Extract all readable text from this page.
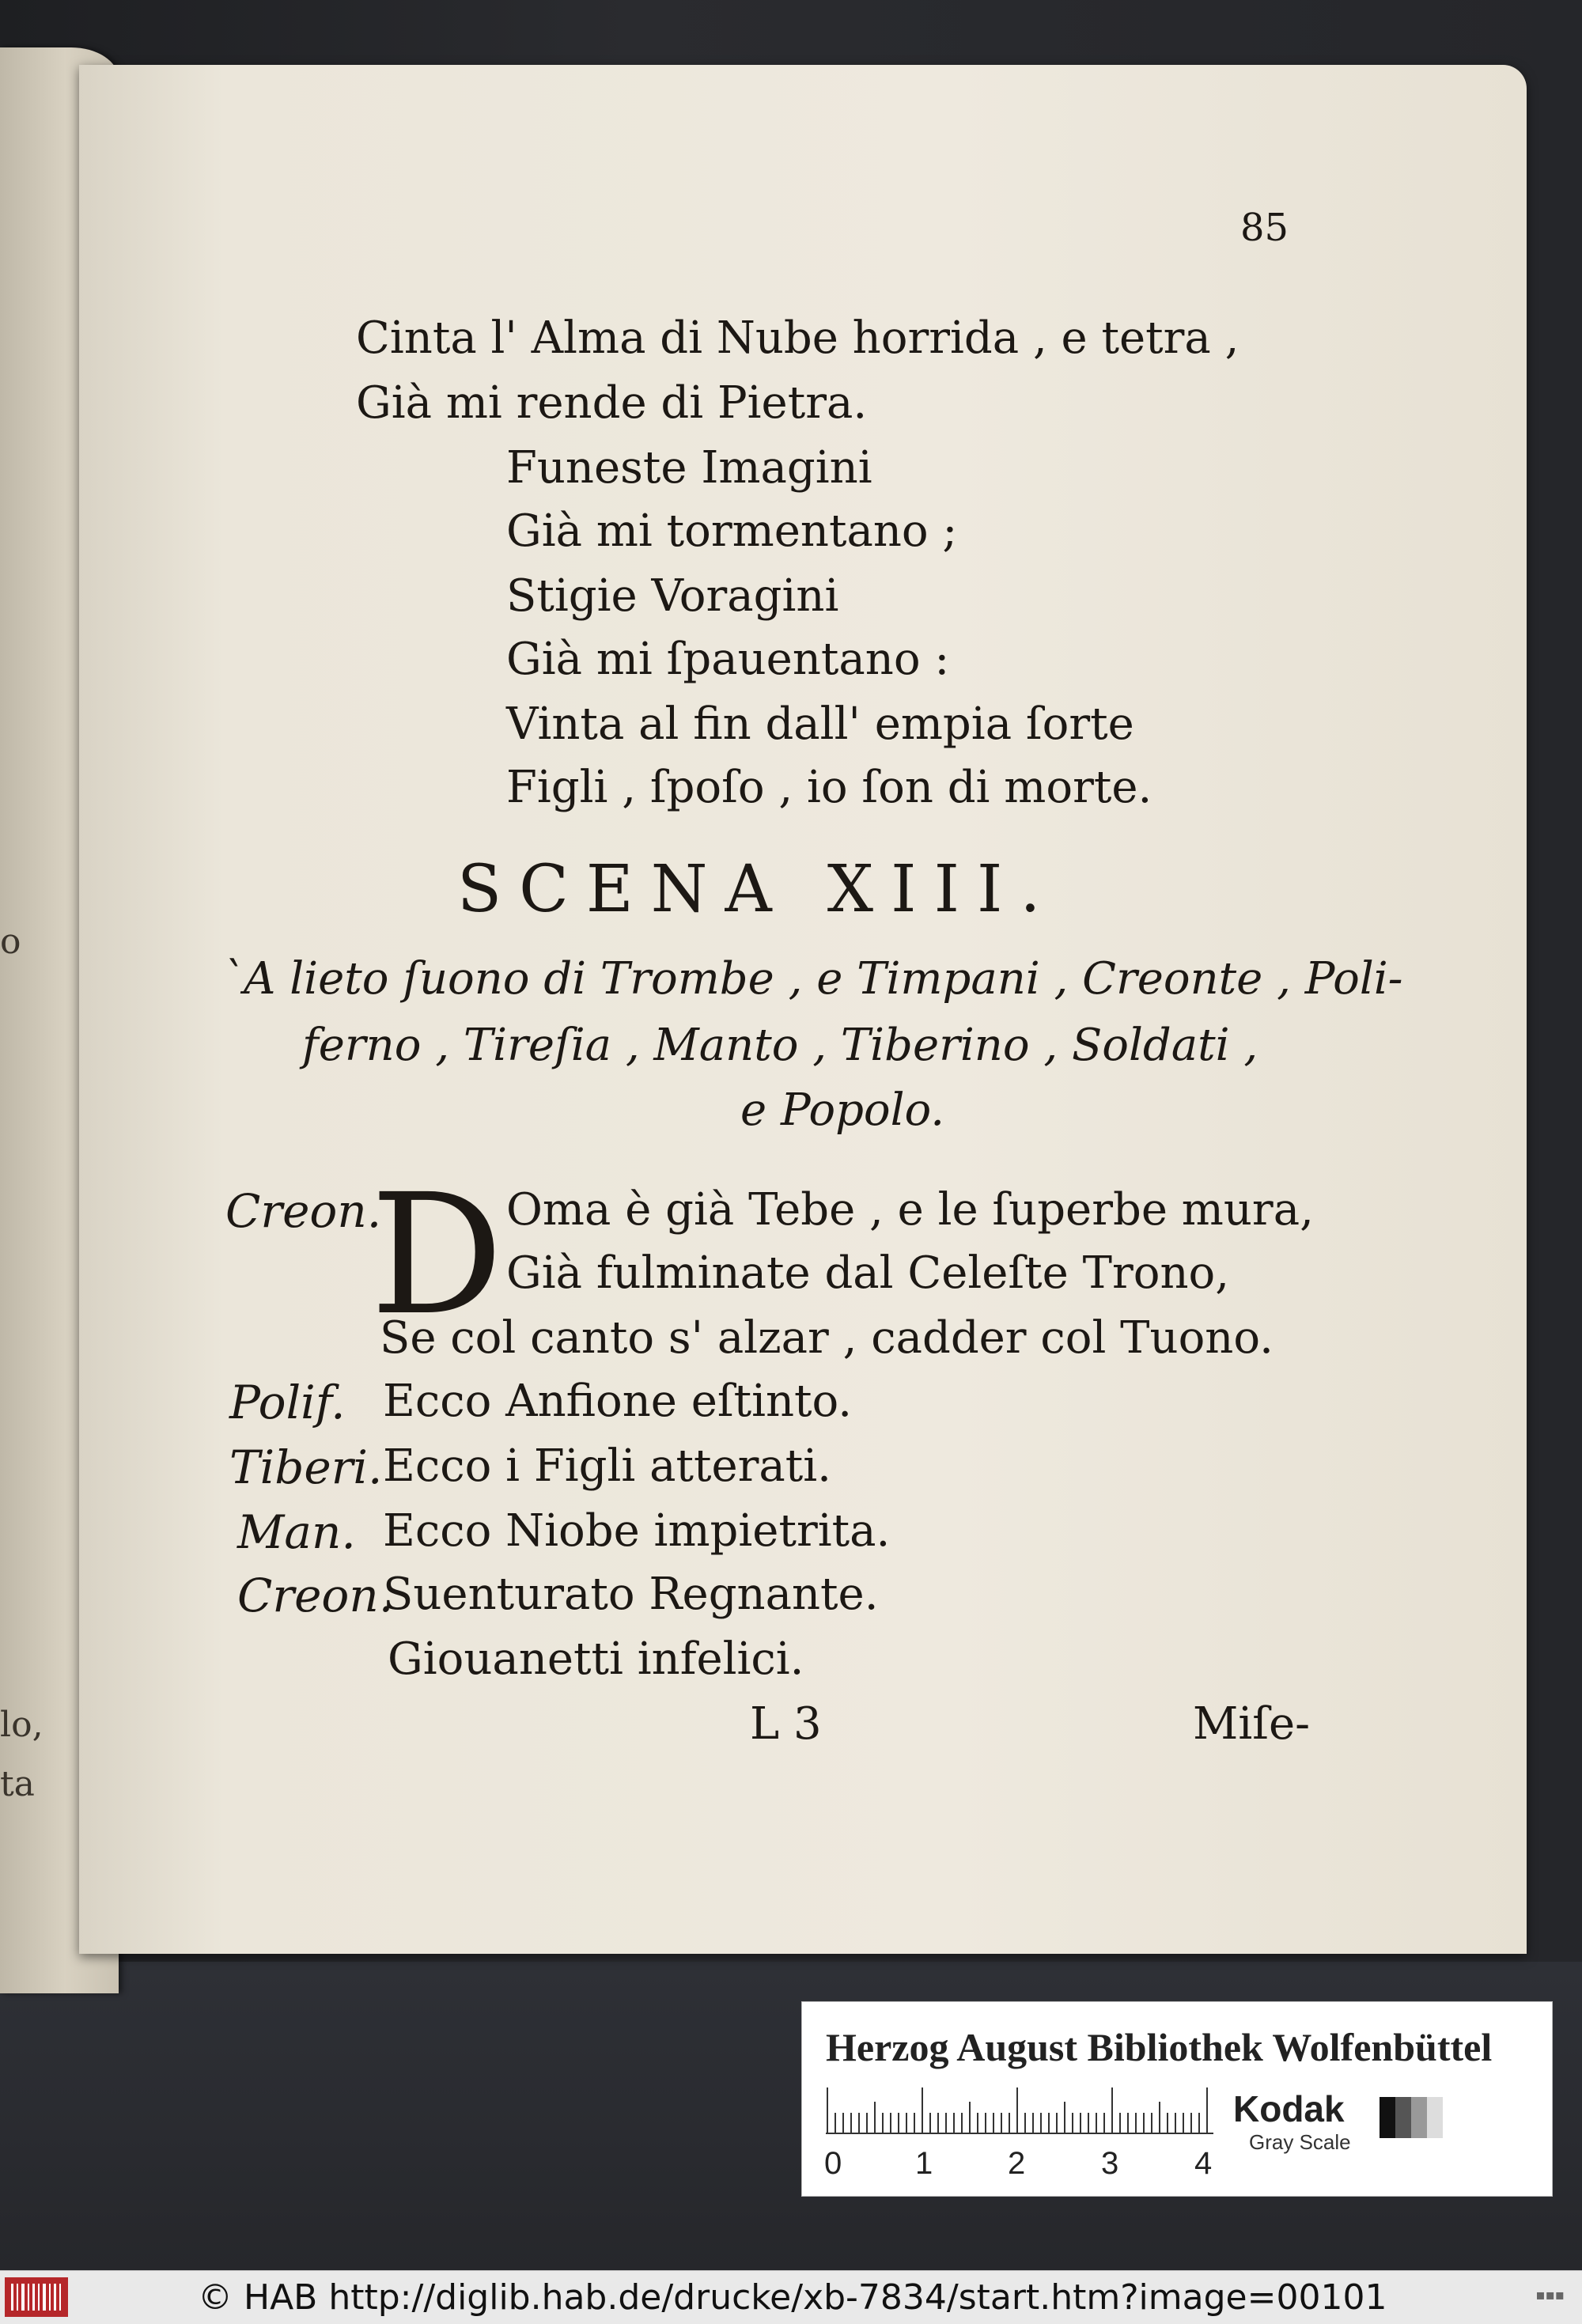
o
lo,
ta
85
Cinta l' Alma di Nube horrida , e tetra ,
Già mi rende di Pietra.
Funeste Imagini
Già mi tormentano ;
Stigie Voragini
Già mi ſpauentano :
Vinta al fin dall' empia ſorte
Figli , ſpoſo , io ſon di morte.
SCENA XIII.
`A lieto ſuono di Trombe , e Timpani , Creonte , Poli-
ferno , Tireſia , Manto , Tiberino , Soldati ,
e Popolo.
Creon.
D Oma è già Tebe , e le ſuperbe mura,
Già fulminate dal Celeſte Trono,
Se col canto s' alzar , cadder col Tuono.
Polif. Ecco Anfione eſtinto.
Tiberi. Ecco i Figli atterati.
Man. Ecco Niobe impietrita.
Creon.
Suenturato Regnante.
Giouanetti infelici.
L 3	Miſe-
Herzog August Bibliothek Wolfenbüttel
0 1 2 3 4
Kodak
Gray Scale
© HAB http://diglib.hab.de/drucke/xb-7834/start.htm?image=00101	▪▪▪
